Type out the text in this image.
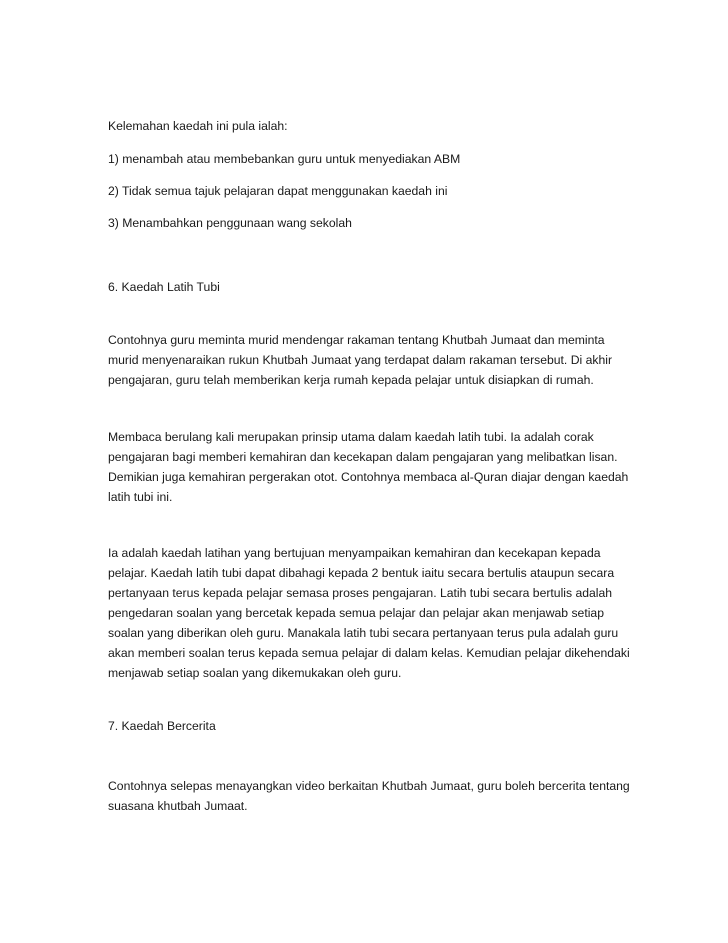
Kelemahan kaedah ini pula ialah:

1) menambah atau membebankan guru untuk menyediakan ABM

2) Tidak semua tajuk pelajaran dapat menggunakan kaedah ini

3) Menambahkan penggunaan wang sekolah

6. Kaedah Latih Tubi

Contohnya guru meminta murid mendengar rakaman tentang Khutbah Jumaat dan meminta
murid menyenaraikan rukun Khutbah Jumaat yang terdapat dalam rakaman tersebut. Di akhir
pengajaran, guru telah memberikan kerja rumah kepada pelajar untuk disiapkan di rumah.

Membaca berulang kali merupakan prinsip utama dalam kaedah latih tubi. Ia adalah corak
pengajaran bagi memberi kemahiran dan kecekapan dalam pengajaran yang melibatkan lisan.
Demikian juga kemahiran pergerakan otot. Contohnya membaca al-Quran diajar dengan kaedah
latih tubi ini.

Ia adalah kaedah latihan yang bertujuan menyampaikan kemahiran dan kecekapan kepada
pelajar. Kaedah latih tubi dapat dibahagi kepada 2 bentuk iaitu secara bertulis ataupun secara
pertanyaan terus kepada pelajar semasa proses pengajaran. Latih tubi secara bertulis adalah
pengedaran soalan yang bercetak kepada semua pelajar dan pelajar akan menjawab setiap
soalan yang diberikan oleh guru. Manakala latih tubi secara pertanyaan terus pula adalah guru
akan memberi soalan terus kepada semua pelajar di dalam kelas. Kemudian pelajar dikehendaki
menjawab setiap soalan yang dikemukakan oleh guru.

7. Kaedah Bercerita

Contohnya selepas menayangkan video berkaitan Khutbah Jumaat, guru boleh bercerita tentang
suasana khutbah Jumaat.
